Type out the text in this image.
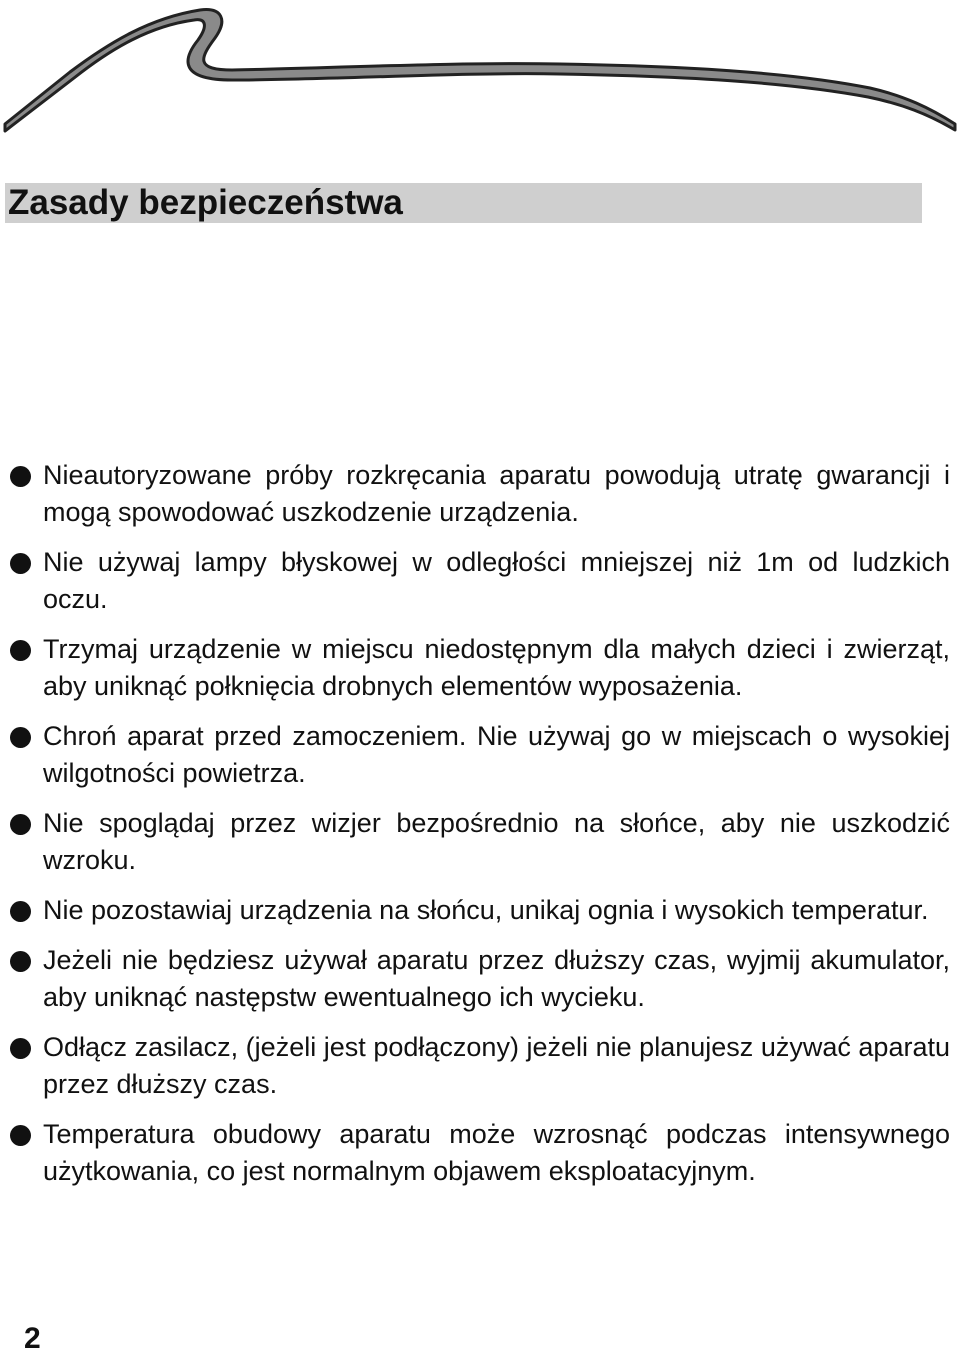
Zasady bezpieczeństwa
Nieautoryzowane próby rozkręcania aparatu powodują utratę gwarancji i mogą spowodować uszkodzenie urządzenia.
Nie używaj lampy błyskowej w odległości mniejszej niż 1m od ludzkich oczu.
Trzymaj urządzenie w miejscu niedostępnym dla małych dzieci i zwierząt, aby uniknąć połknięcia drobnych elementów wyposażenia.
Chroń aparat przed zamoczeniem. Nie używaj go w miejscach o wysokiej wilgotności powietrza.
Nie spoglądaj przez wizjer bezpośrednio na słońce, aby nie uszkodzić wzroku.
Nie pozostawiaj urządzenia na słońcu, unikaj ognia i wysokich temperatur.
Jeżeli nie będziesz używał aparatu przez dłuższy czas, wyjmij akumulator, aby uniknąć następstw ewentualnego ich wycieku.
Odłącz zasilacz, (jeżeli jest podłączony) jeżeli nie planujesz używać aparatu przez dłuższy czas.
Temperatura obudowy aparatu może wzrosnąć podczas intensywnego użytkowania, co jest normalnym objawem eksploatacyjnym.
2
